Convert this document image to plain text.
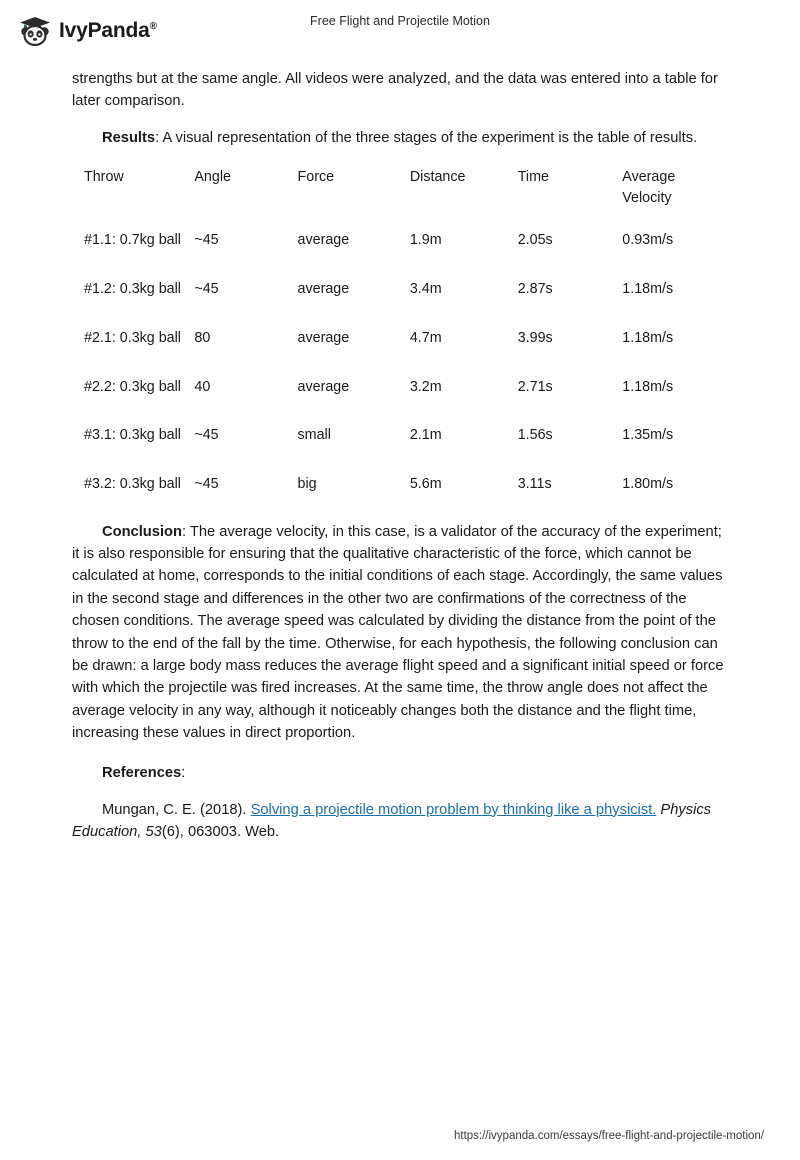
IvyPanda®	Free Flight and Projectile Motion

strengths but at the same angle. All videos were analyzed, and the data was entered into a table for later comparison.

Results: A visual representation of the three stages of the experiment is the table of results.

Throw	Angle	Force	Distance	Time	Average Velocity
#1.1: 0.7kg ball	~45	average	1.9m	2.05s	0.93m/s
#1.2: 0.3kg ball	~45	average	3.4m	2.87s	1.18m/s
#2.1: 0.3kg ball	80	average	4.7m	3.99s	1.18m/s
#2.2: 0.3kg ball	40	average	3.2m	2.71s	1.18m/s
#3.1: 0.3kg ball	~45	small	2.1m	1.56s	1.35m/s
#3.2: 0.3kg ball	~45	big	5.6m	3.11s	1.80m/s

Conclusion: The average velocity, in this case, is a validator of the accuracy of the experiment; it is also responsible for ensuring that the qualitative characteristic of the force, which cannot be calculated at home, corresponds to the initial conditions of each stage. Accordingly, the same values in the second stage and differences in the other two are confirmations of the correctness of the chosen conditions. The average speed was calculated by dividing the distance from the point of the throw to the end of the fall by the time. Otherwise, for each hypothesis, the following conclusion can be drawn: a large body mass reduces the average flight speed and a significant initial speed or force with which the projectile was fired increases. At the same time, the throw angle does not affect the average velocity in any way, although it noticeably changes both the distance and the flight time, increasing these values in direct proportion.

References:

Mungan, C. E. (2018). Solving a projectile motion problem by thinking like a physicist. Physics Education, 53(6), 063003. Web.

https://ivypanda.com/essays/free-flight-and-projectile-motion/
